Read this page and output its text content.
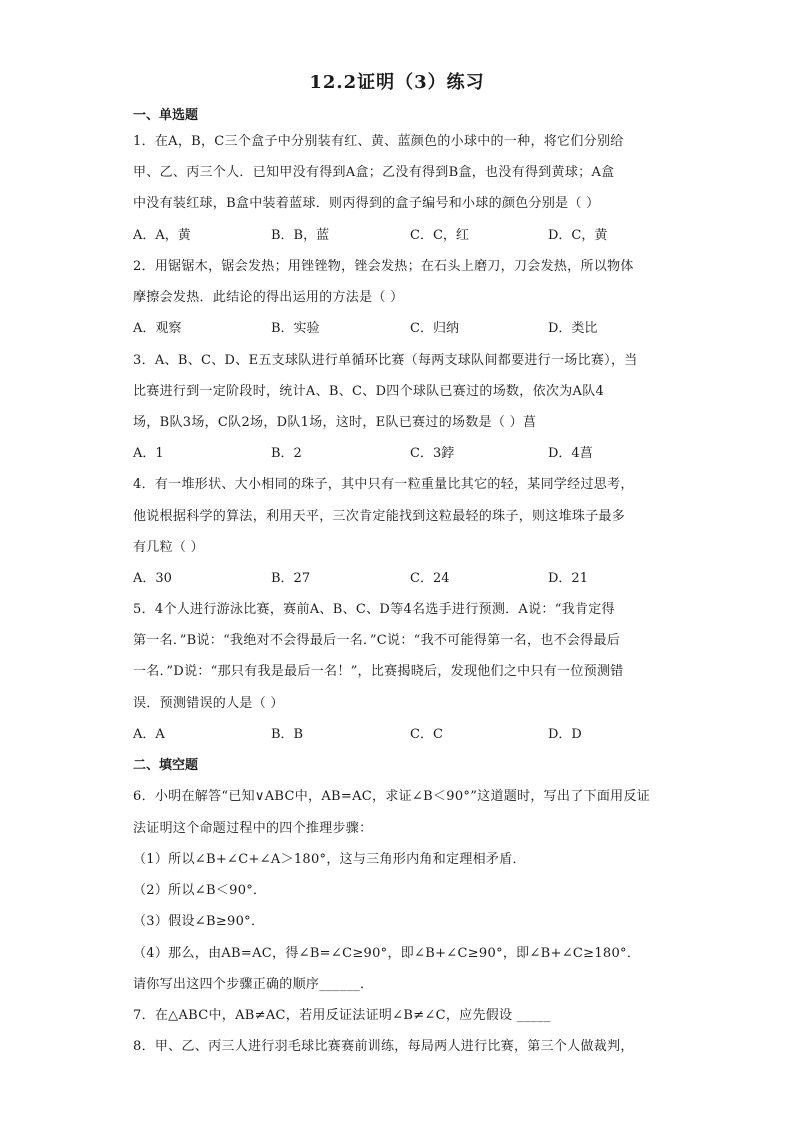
12.2证明（3）练习
一、单选题
1．在A，B，C三个盒子中分别装有红、黄、蓝颜色的小球中的一种，将它们分别给
甲、乙、丙三个人．已知甲没有得到A盒；乙没有得到B盒，也没有得到黄球；A盒
中没有装红球，B盒中装着蓝球．则丙得到的盒子编号和小球的颜色分别是（ ）
A．A，黄	B．B，蓝	C．C，红	D．C，黄
2．用锯锯木，锯会发热；用锉锉物，锉会发热；在石头上磨刀，刀会发热，所以物体
摩擦会发热．此结论的得出运用的方法是（ ）
A．观察	B．实验	C．归纳	D．类比
3．A、B、C、D、E五支球队进行单循环比赛（每两支球队间都要进行一场比赛），当
比赛进行到一定阶段时，统计A、B、C、D四个球队已赛过的场数，依次为A队4
场，B队3场，C队2场，D队1场，这时，E队已赛过的场数是（ ）菖
A．1	B．2	C．3鋍	D．4菖
4．有一堆形状、大小相同的珠子，其中只有一粒重量比其它的轻，某同学经过思考，
他说根据科学的算法，利用天平，三次肯定能找到这粒最轻的珠子，则这堆珠子最多
有几粒（ ）
A．30	B．27	C．24	D．21
5．4个人进行游泳比赛，赛前A、B、C、D等4名选手进行预测．A说：“我肯定得
第一名．”B说：“我绝对不会得最后一名．”C说：“我不可能得第一名，也不会得最后
一名．”D说：“那只有我是最后一名！”，比赛揭晓后，发现他们之中只有一位预测错
误．预测错误的人是（ ）
A．A	B．B	C．C	D．D
二、填空题
6．小明在解答“已知∨ABC中，AB=AC，求证∠B＜90°”这道题时，写出了下面用反证
法证明这个命题过程中的四个推理步骤：
（1）所以∠B+∠C+∠A＞180°，这与三角形内角和定理相矛盾．
（2）所以∠B＜90°．
（3）假设∠B≥90°．
（4）那么，由AB=AC，得∠B=∠C≥90°，即∠B+∠C≥90°，即∠B+∠C≥180°．
请你写出这四个步骤正确的顺序______．
7．在△ABC中，AB≠AC，若用反证法证明∠B≠∠C，应先假设 _____
8．甲、乙、丙三人进行羽毛球比赛赛前训练，每局两人进行比赛，第三个人做裁判，
